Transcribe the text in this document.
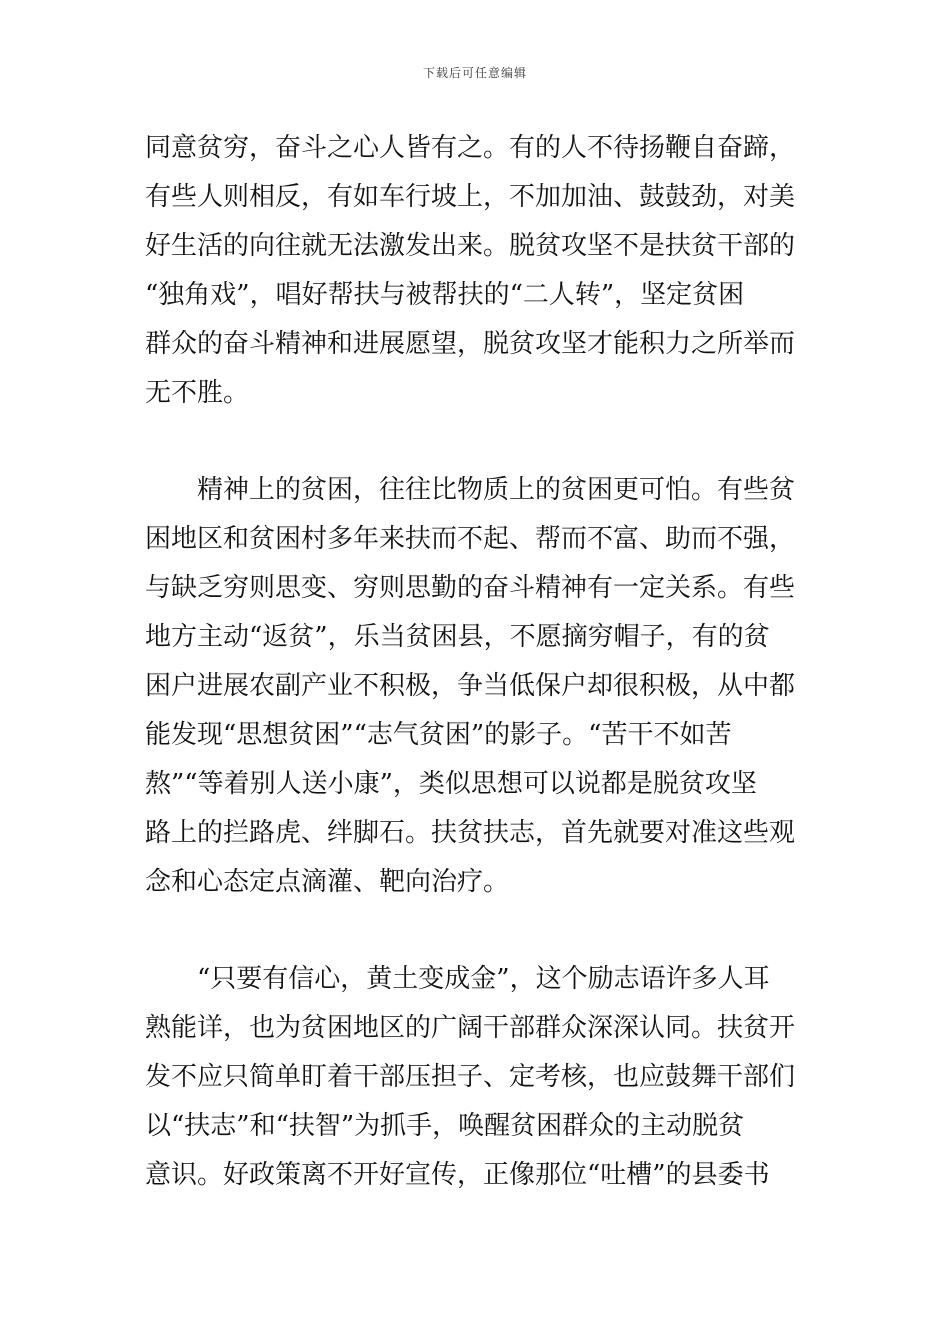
下载后可任意编辑
同意贫穷，奋斗之心人皆有之。有的人不待扬鞭自奋蹄，
有些人则相反，有如车行坡上，不加加油、鼓鼓劲，对美
好生活的向往就无法激发出来。脱贫攻坚不是扶贫干部的
“独角戏”，唱好帮扶与被帮扶的“二人转”，坚定贫困
群众的奋斗精神和进展愿望，脱贫攻坚才能积力之所举而
无不胜。
　　精神上的贫困，往往比物质上的贫困更可怕。有些贫
困地区和贫困村多年来扶而不起、帮而不富、助而不强，
与缺乏穷则思变、穷则思勤的奋斗精神有一定关系。有些
地方主动“返贫”，乐当贫困县，不愿摘穷帽子，有的贫
困户进展农副产业不积极，争当低保户却很积极，从中都
能发现“思想贫困”“志气贫困”的影子。“苦干不如苦
熬”“等着别人送小康”，类似思想可以说都是脱贫攻坚
路上的拦路虎、绊脚石。扶贫扶志，首先就要对准这些观
念和心态定点滴灌、靶向治疗。
　　“只要有信心，黄土变成金”，这个励志语许多人耳
熟能详，也为贫困地区的广阔干部群众深深认同。扶贫开
发不应只简单盯着干部压担子、定考核，也应鼓舞干部们
以“扶志”和“扶智”为抓手，唤醒贫困群众的主动脱贫
意识。好政策离不开好宣传，正像那位“吐槽”的县委书
